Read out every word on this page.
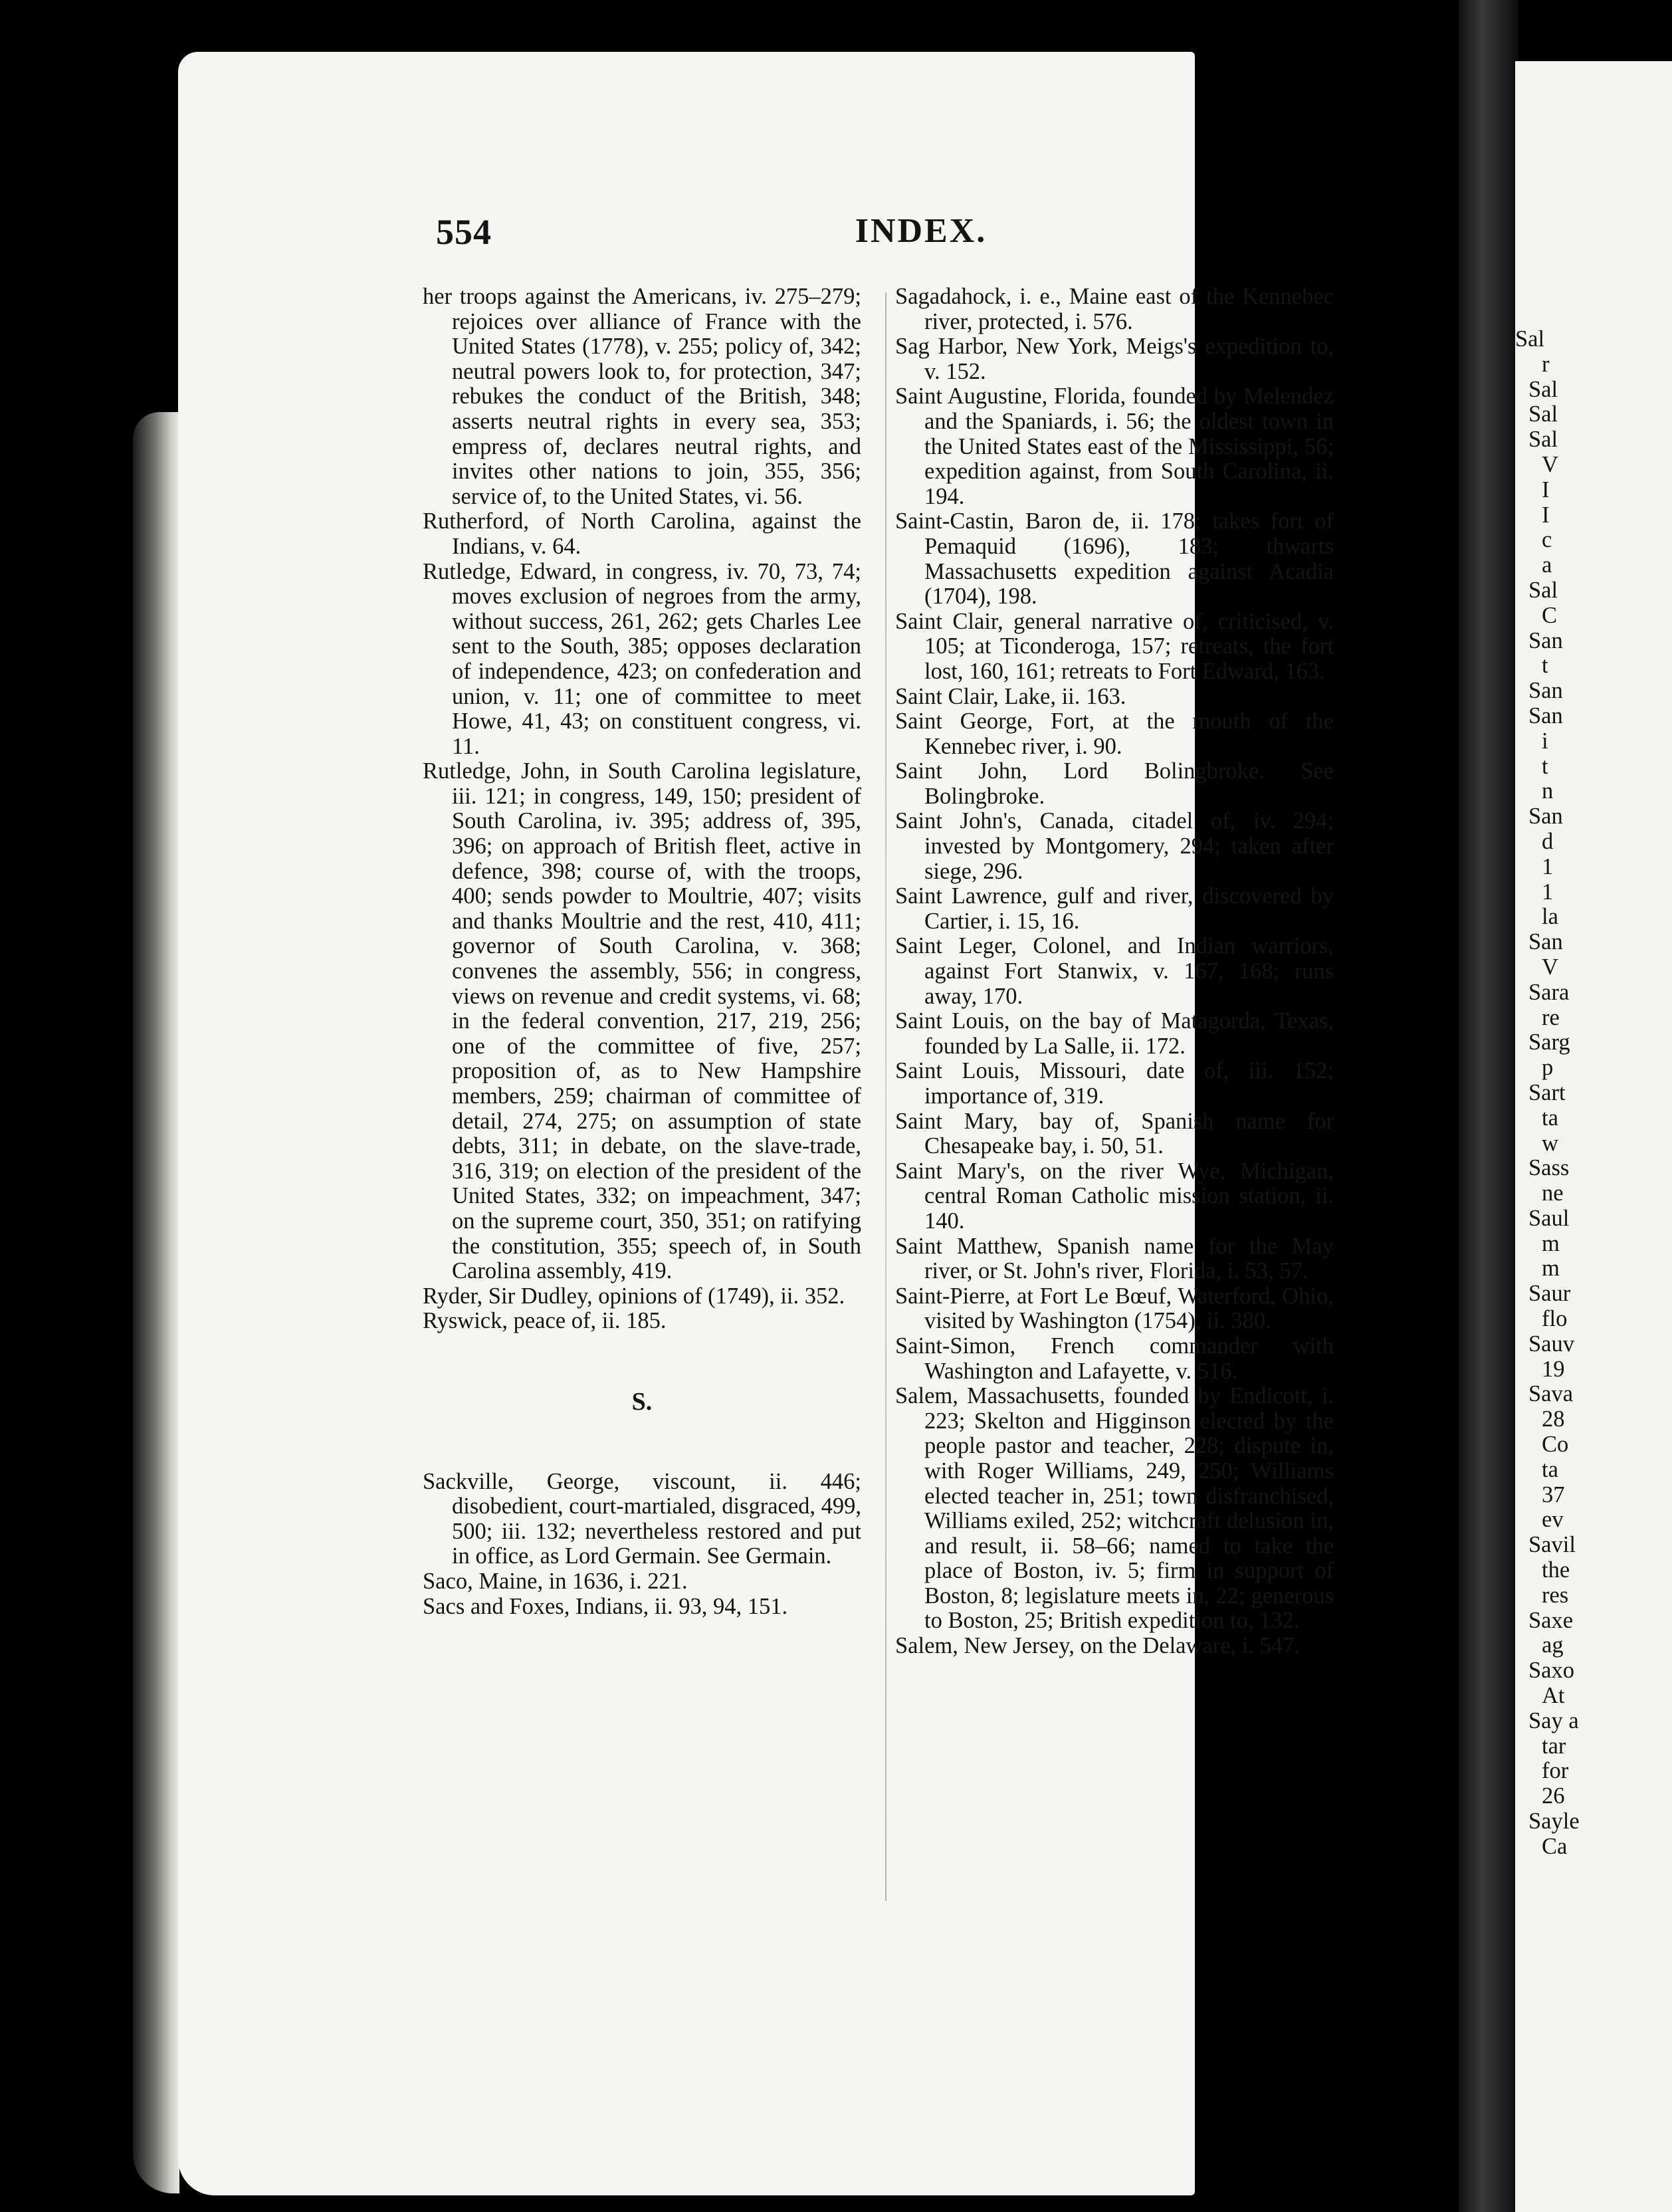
Sal
r
Sal
Sal
Sal
V
I
I
c
a
Sal
C
San
t
San
San
i
t
n
San
d
1
1
la
San
V
Sara
re
Sarg
p
Sart
ta
w
Sass
ne
Saul
m
m
Saur
flo
Sauv
19
Sava
28
Co
ta
37
ev
Savil
the
res
Saxe
ag
Saxo
At
Say a
tar
for
26
Sayle
Ca
554	INDEX.

her troops against the Americans, iv. 275–279; rejoices over alliance of France with the United States (1778), v. 255; policy of, 342; neutral powers look to, for protection, 347; rebukes the conduct of the British, 348; asserts neutral rights in every sea, 353; empress of, declares neutral rights, and invites other nations to join, 355, 356; service of, to the United States, vi. 56.

Rutherford, of North Carolina, against the Indians, v. 64.

Rutledge, Edward, in congress, iv. 70, 73, 74; moves exclusion of negroes from the army, without success, 261, 262; gets Charles Lee sent to the South, 385; opposes declaration of independence, 423; on confederation and union, v. 11; one of committee to meet Howe, 41, 43; on constituent congress, vi. 11.

Rutledge, John, in South Carolina legislature, iii. 121; in congress, 149, 150; president of South Carolina, iv. 395; address of, 395, 396; on approach of British fleet, active in defence, 398; course of, with the troops, 400; sends powder to Moultrie, 407; visits and thanks Moultrie and the rest, 410, 411; governor of South Carolina, v. 368; convenes the assembly, 556; in congress, views on revenue and credit systems, vi. 68; in the federal convention, 217, 219, 256; one of the committee of five, 257; proposition of, as to New Hampshire members, 259; chairman of committee of detail, 274, 275; on assumption of state debts, 311; in debate, on the slave-trade, 316, 319; on election of the president of the United States, 332; on impeachment, 347; on the supreme court, 350, 351; on ratifying the constitution, 355; speech of, in South Carolina assembly, 419.

Ryder, Sir Dudley, opinions of (1749), ii. 352.

Ryswick, peace of, ii. 185.

S.

Sackville, George, viscount, ii. 446; disobedient, court-martialed, disgraced, 499, 500; iii. 132; nevertheless restored and put in office, as Lord Germain. See Germain.

Saco, Maine, in 1636, i. 221.

Sacs and Foxes, Indians, ii. 93, 94, 151.

Sagadahock, i. e., Maine east of the Kennebec river, protected, i. 576.

Sag Harbor, New York, Meigs's expedition to, v. 152.

Saint Augustine, Florida, founded by Melendez and the Spaniards, i. 56; the oldest town in the United States east of the Mississippi, 56; expedition against, from South Carolina, ii. 194.

Saint-Castin, Baron de, ii. 178; takes fort of Pemaquid (1696), 183; thwarts Massachusetts expedition against Acadia (1704), 198.

Saint Clair, general narrative of, criticised, v. 105; at Ticonderoga, 157; retreats, the fort lost, 160, 161; retreats to Fort Edward, 163.

Saint Clair, Lake, ii. 163.

Saint George, Fort, at the mouth of the Kennebec river, i. 90.

Saint John, Lord Bolingbroke. See Bolingbroke.

Saint John's, Canada, citadel of, iv. 294; invested by Montgomery, 294; taken after siege, 296.

Saint Lawrence, gulf and river, discovered by Cartier, i. 15, 16.

Saint Leger, Colonel, and Indian warriors, against Fort Stanwix, v. 167, 168; runs away, 170.

Saint Louis, on the bay of Matagorda, Texas, founded by La Salle, ii. 172.

Saint Louis, Missouri, date of, iii. 152; importance of, 319.

Saint Mary, bay of, Spanish name for Chesapeake bay, i. 50, 51.

Saint Mary's, on the river Wye, Michigan, central Roman Catholic mission station, ii. 140.

Saint Matthew, Spanish name for the May river, or St. John's river, Florida, i. 53, 57.

Saint-Pierre, at Fort Le Bœuf, Waterford, Ohio, visited by Washington (1754), ii. 380.

Saint-Simon, French commander with Washington and Lafayette, v. 516.

Salem, Massachusetts, founded by Endicott, i. 223; Skelton and Higginson elected by the people pastor and teacher, 228; dispute in, with Roger Williams, 249, 250; Williams elected teacher in, 251; town disfranchised, Williams exiled, 252; witchcraft delusion in, and result, ii. 58–66; named to take the place of Boston, iv. 5; firm in support of Boston, 8; legislature meets in, 22; generous to Boston, 25; British expedition to, 132.

Salem, New Jersey, on the Delaware, i. 547.
